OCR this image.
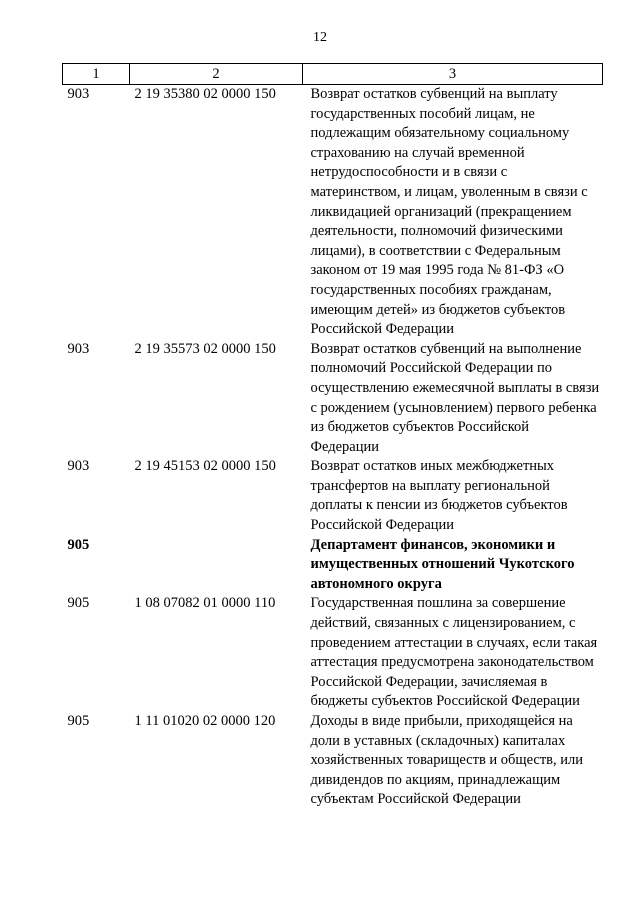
12
1	2	3
903	2 19 35380 02 0000 150	Возврат остатков субвенций на выплату государственных пособий лицам, не подлежащим обязательному социальному страхованию на случай временной нетрудоспособности и в связи с материнством, и лицам, уволенным в связи с ликвидацией организаций (прекращением деятельности, полномочий физическими лицами), в соответствии с Федеральным законом от 19 мая 1995 года № 81-ФЗ «О государственных пособиях гражданам, имеющим детей» из бюджетов субъектов Российской Федерации
903	2 19 35573 02 0000 150	Возврат остатков субвенций на выполнение полномочий Российской Федерации по осуществлению ежемесячной выплаты в связи с рождением (усыновлением) первого ребенка из бюджетов субъектов Российской Федерации
903	2 19 45153 02 0000 150	Возврат остатков иных межбюджетных трансфертов на выплату региональной доплаты к пенсии из бюджетов субъектов Российской Федерации
905		Департамент финансов, экономики и имущественных отношений Чукотского автономного округа
905	1 08 07082 01 0000 110	Государственная пошлина за совершение действий, связанных с лицензированием, с проведением аттестации в случаях, если такая аттестация предусмотрена законодательством Российской Федерации, зачисляемая в бюджеты субъектов Российской Федерации
905	1 11 01020 02 0000 120	Доходы в виде прибыли, приходящейся на доли в уставных (складочных) капиталах хозяйственных товариществ и обществ, или дивидендов по акциям, принадлежащим субъектам Российской Федерации
